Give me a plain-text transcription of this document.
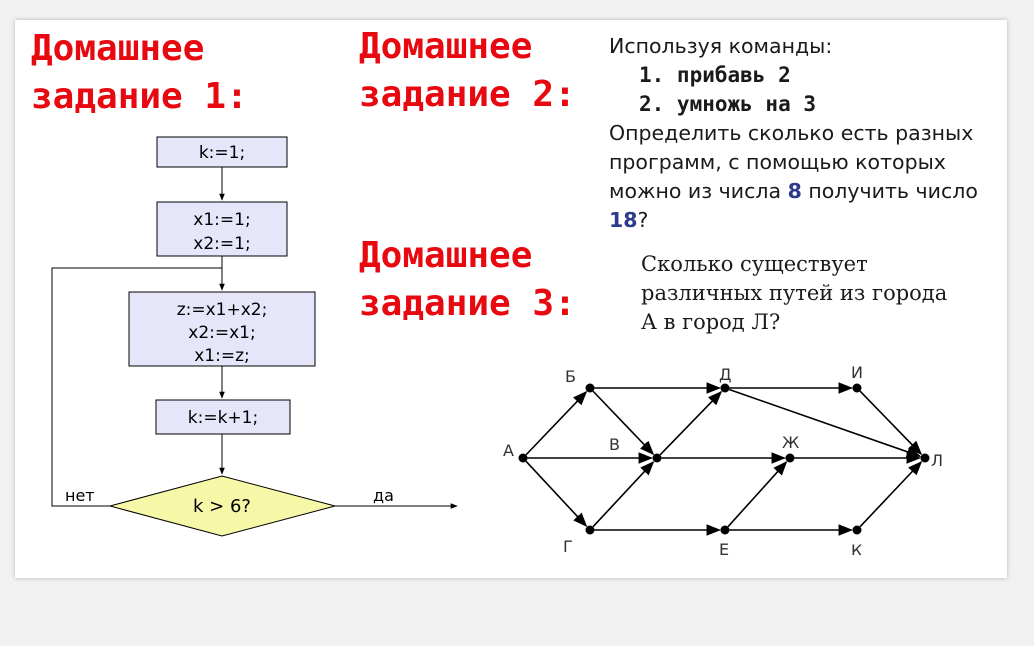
Домашнее
задание 1:
Домашнее
задание 2:
Домашнее
задание 3:
Используя команды:
1. прибавь 2
2. умножь на 3
Определить сколько есть разных программ, с помощью которых можно из числа 8 получить число 18?
Сколько существует различных путей из города А в город Л?
k:=1;
x1:=1;
x2:=1;
z:=x1+x2;
x2:=x1;
x1:=z;
k:=k+1;
k > 6?
нет	да
А
Б
В
Г
Д
Ж
Е
И
К
Л
